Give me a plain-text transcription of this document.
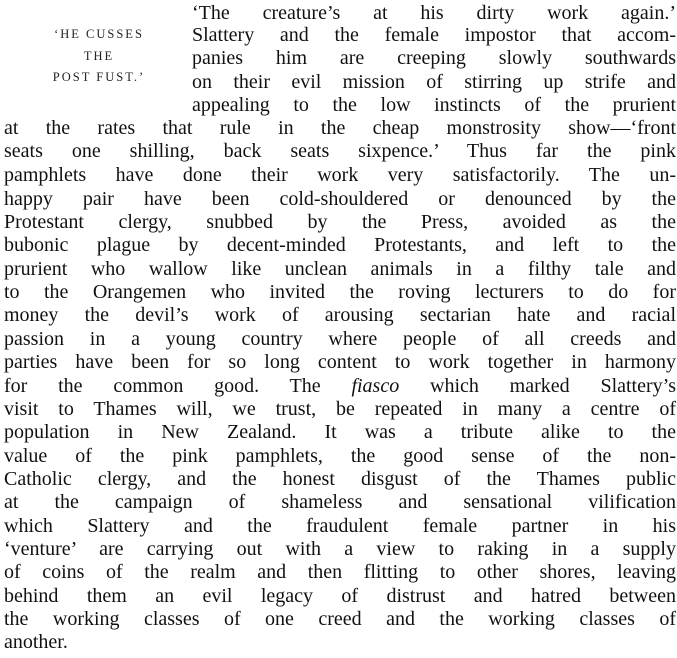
‘HE CUSSES
THE
POST FUST.’
‘The creature’s at his dirty work again.’
Slattery and the female impostor that accom-
panies him are creeping slowly southwards
on their evil mission of stirring up strife and
appealing to the low instincts of the prurient
at the rates that rule in the cheap monstrosity show—‘front
seats one shilling, back seats sixpence.’ Thus far the pink
pamphlets have done their work very satisfactorily. The un-
happy pair have been cold-shouldered or denounced by the
Protestant clergy, snubbed by the Press, avoided as the
bubonic plague by decent-minded Protestants, and left to the
prurient who wallow like unclean animals in a filthy tale and
to the Orangemen who invited the roving lecturers to do for
money the devil’s work of arousing sectarian hate and racial
passion in a young country where people of all creeds and
parties have been for so long content to work together in harmony
for the common good. The fiasco which marked Slattery’s
visit to Thames will, we trust, be repeated in many a centre of
population in New Zealand. It was a tribute alike to the
value of the pink pamphlets, the good sense of the non-
Catholic clergy, and the honest disgust of the Thames public
at the campaign of shameless and sensational vilification
which Slattery and the fraudulent female partner in his
‘venture’ are carrying out with a view to raking in a supply
of coins of the realm and then flitting to other shores, leaving
behind them an evil legacy of distrust and hatred between
the working classes of one creed and the working classes of
another.
